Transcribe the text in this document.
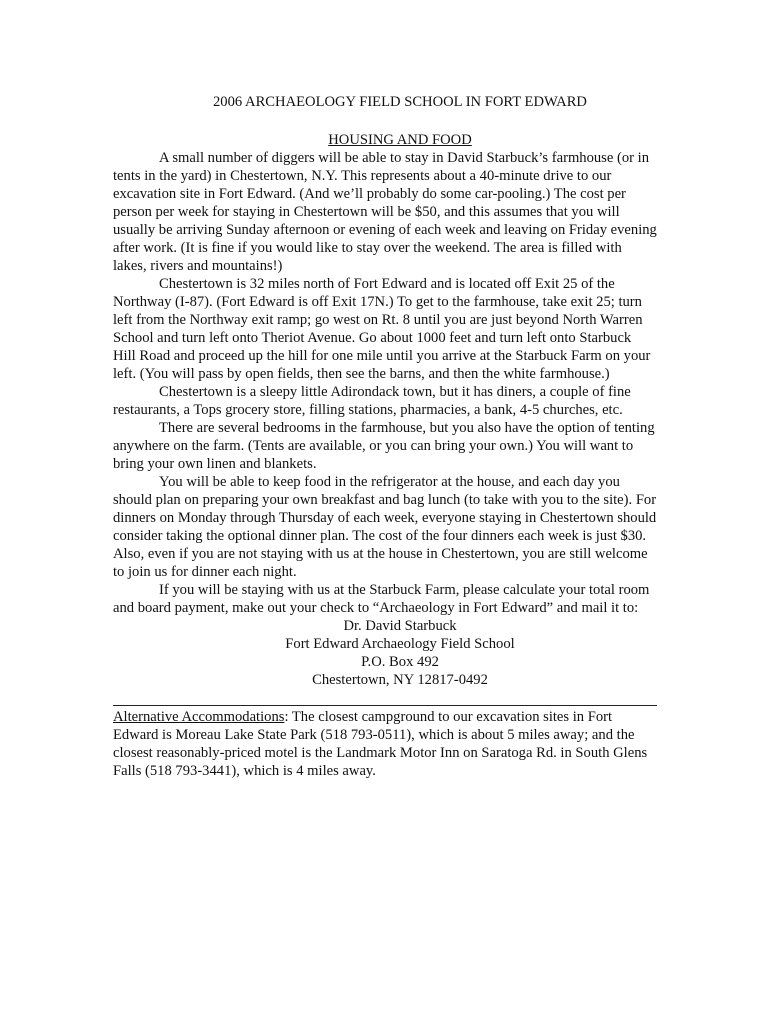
2006 ARCHAEOLOGY FIELD SCHOOL IN FORT EDWARD

HOUSING AND FOOD

A small number of diggers will be able to stay in David Starbuck’s farmhouse (or in tents in the yard) in Chestertown, N.Y. This represents about a 40-minute drive to our excavation site in Fort Edward. (And we’ll probably do some car-pooling.) The cost per person per week for staying in Chestertown will be $50, and this assumes that you will usually be arriving Sunday afternoon or evening of each week and leaving on Friday evening after work. (It is fine if you would like to stay over the weekend. The area is filled with lakes, rivers and mountains!)

Chestertown is 32 miles north of Fort Edward and is located off Exit 25 of the Northway (I-87). (Fort Edward is off Exit 17N.) To get to the farmhouse, take exit 25; turn left from the Northway exit ramp; go west on Rt. 8 until you are just beyond North Warren School and turn left onto Theriot Avenue. Go about 1000 feet and turn left onto Starbuck Hill Road and proceed up the hill for one mile until you arrive at the Starbuck Farm on your left. (You will pass by open fields, then see the barns, and then the white farmhouse.)

Chestertown is a sleepy little Adirondack town, but it has diners, a couple of fine restaurants, a Tops grocery store, filling stations, pharmacies, a bank, 4-5 churches, etc.

There are several bedrooms in the farmhouse, but you also have the option of tenting anywhere on the farm. (Tents are available, or you can bring your own.) You will want to bring your own linen and blankets.

You will be able to keep food in the refrigerator at the house, and each day you should plan on preparing your own breakfast and bag lunch (to take with you to the site). For dinners on Monday through Thursday of each week, everyone staying in Chestertown should consider taking the optional dinner plan. The cost of the four dinners each week is just $30. Also, even if you are not staying with us at the house in Chestertown, you are still welcome to join us for dinner each night.

If you will be staying with us at the Starbuck Farm, please calculate your total room and board payment, make out your check to “Archaeology in Fort Edward” and mail it to:

Dr. David Starbuck
Fort Edward Archaeology Field School
P.O. Box 492
Chestertown, NY 12817-0492

Alternative Accommodations: The closest campground to our excavation sites in Fort Edward is Moreau Lake State Park (518 793-0511), which is about 5 miles away; and the closest reasonably-priced motel is the Landmark Motor Inn on Saratoga Rd. in South Glens Falls (518 793-3441), which is 4 miles away.
